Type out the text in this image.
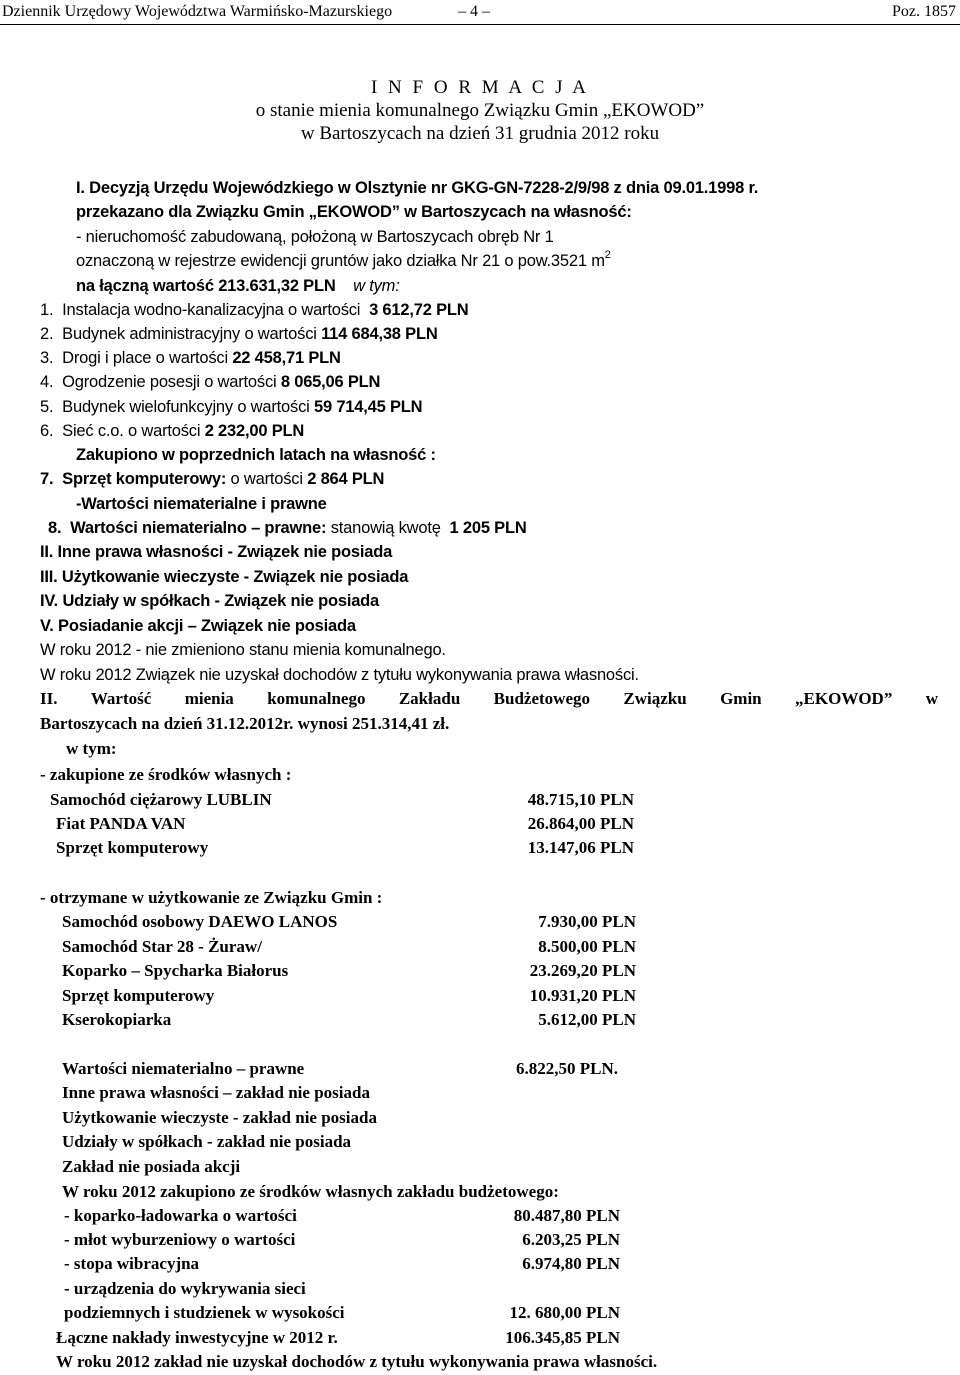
Dziennik Urzędowy Województwa Warmińsko-Mazurskiego	– 4 –	Poz. 1857
I N F O R M A C J A
o stanie mienia komunalnego Związku Gmin „EKOWOD”
w Bartoszycach na dzień 31 grudnia 2012 roku
I. Decyzją Urzędu Wojewódzkiego w Olsztynie nr GKG-GN-7228-2/9/98 z dnia 09.01.1998 r.
przekazano dla Związku Gmin „EKOWOD” w Bartoszycach na własność:
- nieruchomość zabudowaną, położoną w Bartoszycach obręb Nr 1
oznaczoną w rejestrze ewidencji gruntów jako działka Nr 21 o pow.3521 $m^2$
na łączną wartość 213.631,32 PLN w tym:
1. Instalacja wodno-kanalizacyjna o wartości 3 612,72 PLN
2. Budynek administracyjny o wartości 114 684,38 PLN
3. Drogi i place o wartości 22 458,71 PLN
4. Ogrodzenie posesji o wartości 8 065,06 PLN
5. Budynek wielofunkcyjny o wartości 59 714,45 PLN
6. Sieć c.o. o wartości 2 232,00 PLN
Zakupiono w poprzednich latach na własność :
7. Sprzęt komputerowy: o wartości 2 864 PLN
-Wartości niematerialne i prawne
8. Wartości niematerialno – prawne: stanowią kwotę 1 205 PLN
II. Inne prawa własności - Związek nie posiada
III. Użytkowanie wieczyste - Związek nie posiada
IV. Udziały w spółkach - Związek nie posiada
V. Posiadanie akcji – Związek nie posiada
W roku 2012 - nie zmieniono stanu mienia komunalnego.
W roku 2012 Związek nie uzyskał dochodów z tytułu wykonywania prawa własności.
II. Wartość mienia komunalnego Zakładu Budżetowego Związku Gmin „EKOWOD” w
Bartoszycach na dzień 31.12.2012r. wynosi 251.314,41 zł.
w tym:
- zakupione ze środków własnych :
Samochód ciężarowy LUBLIN	48.715,10 PLN
Fiat PANDA VAN	26.864,00 PLN
Sprzęt komputerowy	13.147,06 PLN
- otrzymane w użytkowanie ze Związku Gmin :
Samochód osobowy DAEWO LANOS	7.930,00 PLN
Samochód Star 28 - Żuraw/	8.500,00 PLN
Koparko – Spycharka Białorus	23.269,20 PLN
Sprzęt komputerowy	10.931,20 PLN
Kserokopiarka	5.612,00 PLN
Wartości niematerialno – prawne	6.822,50 PLN.
Inne prawa własności – zakład nie posiada
Użytkowanie wieczyste - zakład nie posiada
Udziały w spółkach - zakład nie posiada
Zakład nie posiada akcji
W roku 2012 zakupiono ze środków własnych zakładu budżetowego:
- koparko-ładowarka o wartości	80.487,80 PLN
- młot wyburzeniowy o wartości	6.203,25 PLN
- stopa wibracyjna	6.974,80 PLN
- urządzenia do wykrywania sieci
podziemnych i studzienek w wysokości	12. 680,00 PLN
Łączne nakłady inwestycyjne w 2012 r.	106.345,85 PLN
W roku 2012 zakład nie uzyskał dochodów z tytułu wykonywania prawa własności.
